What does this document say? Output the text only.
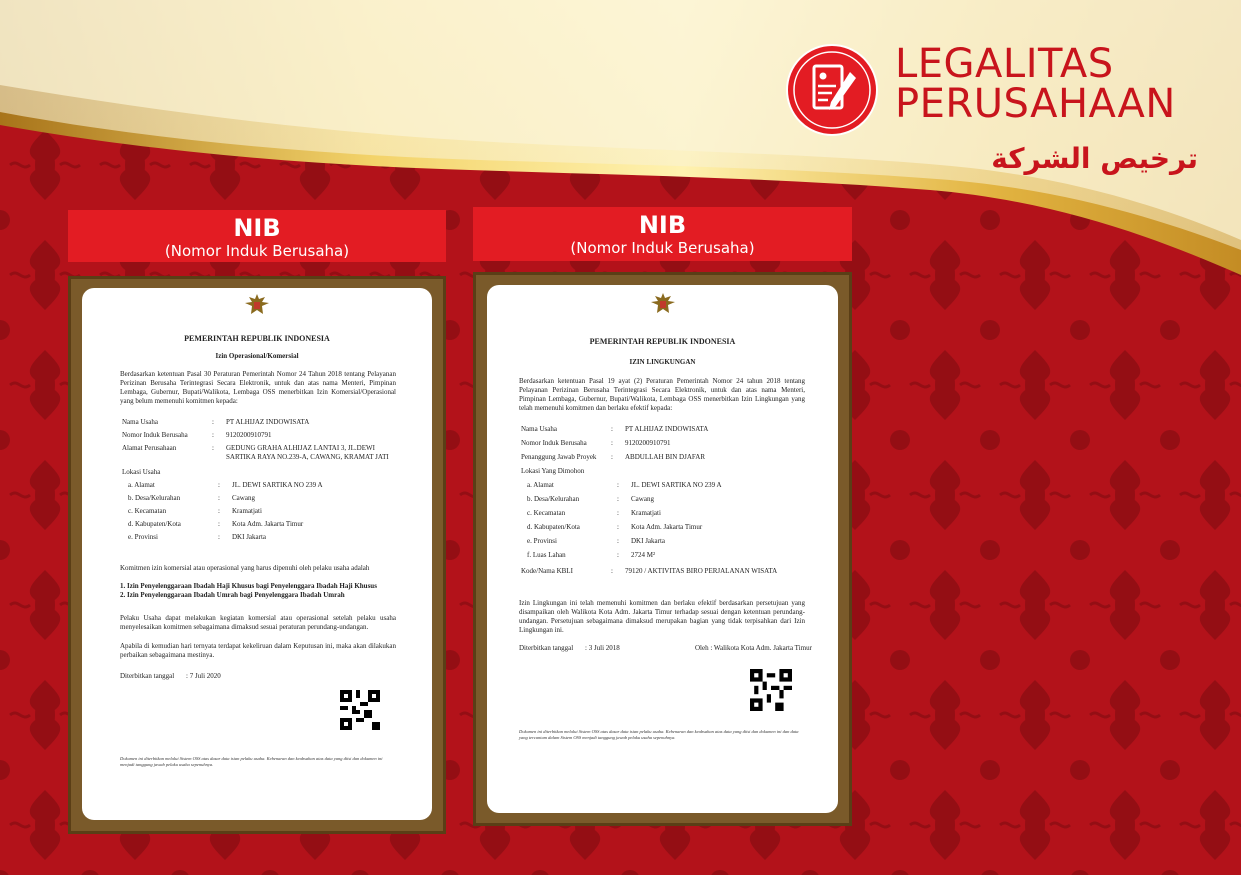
LEGALITAS
PERUSAHAAN
ترخيص الشركة
NIB
(Nomor Induk Berusaha)
PEMERINTAH REPUBLIK INDONESIA
Izin Operasional/Komersial
Berdasarkan ketentuan Pasal 30 Peraturan Pemerintah Nomor 24 Tahun 2018 tentang Pelayanan Perizinan Berusaha Terintegrasi Secara Elektronik, untuk dan atas nama Menteri, Pimpinan Lembaga, Gubernur, Bupati/Walikota, Lembaga OSS menerbitkan Izin Komersial/Operasional yang belum memenuhi komitmen kepada:
Nama Usaha	:	PT ALHIJAZ INDOWISATA
Nomor Induk Berusaha	:	9120200910791
Alamat Perusahaan	:	GEDUNG GRAHA ALHIJAZ LANTAI 3, JL.DEWI
SARTIKA RAYA NO.239-A, CAWANG, KRAMAT JATI
Lokasi Usaha
a. Alamat	:	JL. DEWI SARTIKA NO 239 A
b. Desa/Kelurahan	:	Cawang
c. Kecamatan	:	Kramatjati
d. Kabupaten/Kota	:	Kota Adm. Jakarta Timur
e. Provinsi	:	DKI Jakarta
Komitmen izin komersial atau operasional yang harus dipenuhi oleh pelaku usaha adalah
1. Izin Penyelenggaraan Ibadah Haji Khusus bagi Penyelenggara Ibadah Haji Khusus
2. Izin Penyelenggaraan Ibadah Umrah bagi Penyelenggara Ibadah Umrah
Pelaku Usaha dapat melakukan kegiatan komersial atau operasional setelah pelaku usaha menyelesaikan komitmen sebagaimana dimaksud sesuai peraturan perundang-undangan.
Apabila di kemudian hari ternyata terdapat kekeliruan dalam Keputusan ini, maka akan dilakukan perbaikan sebagaimana mestinya.
Diterbitkan tanggal	: 7 Juli 2020
Dokumen ini diterbitkan melalui Sistem OSS atas dasar data isian pelaku usaha. Kebenaran dan keabsahan atas data yang diisi dan dokumen ini menjadi tanggung jawab pelaku usaha sepenuhnya.
NIB
(Nomor Induk Berusaha)
PEMERINTAH REPUBLIK INDONESIA
IZIN LINGKUNGAN
Berdasarkan ketentuan Pasal 19 ayat (2) Peraturan Pemerintah Nomor 24 tahun 2018 tentang Pelayanan Perizinan Berusaha Terintegrasi Secara Elektronik, untuk dan atas nama Menteri, Pimpinan Lembaga, Gubernur, Bupati/Walikota, Lembaga OSS menerbitkan Izin Lingkungan yang telah memenuhi komitmen dan berlaku efektif kepada:
Nama Usaha	:	PT ALHIJAZ INDOWISATA
Nomor Induk Berusaha	:	9120200910791
Penanggung Jawab Proyek	:	ABDULLAH BIN DJAFAR
Lokasi Yang Dimohon
a. Alamat	:	JL. DEWI SARTIKA NO 239 A
b. Desa/Kelurahan	:	Cawang
c. Kecamatan	:	Kramatjati
d. Kabupaten/Kota	:	Kota Adm. Jakarta Timur
e. Provinsi	:	DKI Jakarta
f. Luas Lahan	:	2724 M²
Kode/Nama KBLI	:	79120 / AKTIVITAS BIRO PERJALANAN WISATA
Izin Lingkungan ini telah memenuhi komitmen dan berlaku efektif berdasarkan persetujuan yang disampaikan oleh Walikota Kota Adm. Jakarta Timur terhadap sesuai dengan ketentuan perundang-undangan. Persetujuan sebagaimana dimaksud merupakan bagian yang tidak terpisahkan dari Izin Lingkungan ini.
Diterbitkan tanggal	: 3 Juli 2018	Oleh : Walikota Kota Adm. Jakarta Timur
Dokumen ini diterbitkan melalui Sistem OSS atas dasar data isian pelaku usaha. Kebenaran dan keabsahan atas data yang diisi dan dokumen ini dan data yang tercantum dalam Sistem OSS menjadi tanggung jawab pelaku usaha sepenuhnya.
